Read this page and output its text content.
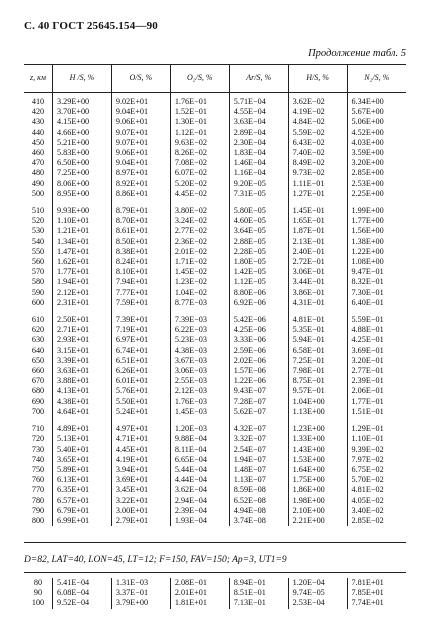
С. 40 ГОСТ 25645.154—90
Продолжение табл. 5
z, км	H /S, %	O/S, %	O₂/S, %	Ar/S, %	H/S, %	N₂/S, %
410	3.29E+00	9.02E+01	1.76E−01	5.71E−04	3.62E−02	6.34E+00
420	3.70E+00	9.04E+01	1.52E−01	4.55E−04	4.19E−02	5.67E+00
430	4.15E+00	9.06E+01	1.30E−01	3.63E−04	4.84E−02	5.06E+00
440	4.66E+00	9.07E+01	1.12E−01	2.89E−04	5.59E−02	4.52E+00
450	5.21E+00	9.07E+01	9.63E−02	2.30E−04	6.43E−02	4.03E+00
460	5.83E+00	9.06E+01	8.26E−02	1.83E−04	7.40E−02	3.59E+00
470	6.50E+00	9.04E+01	7.08E−02	1.46E−04	8.49E−02	3.20E+00
480	7.25E+00	8.97E+01	6.07E−02	1.16E−04	9.73E−02	2.85E+00
490	8.06E+00	8.92E+01	5.20E−02	9.20E−05	1.11E−01	2.53E+00
500	8.95E+00	8.86E+01	4.45E−02	7.31E−05	1.27E−01	2.25E+00
510	9.93E+00	8.79E+01	3.80E−02	5.80E−05	1.45E−01	1.99E+00
520	1.10E+01	8.70E+01	3.24E−02	4.60E−05	1.65E−01	1.77E+00
530	1.21E+01	8.61E+01	2.77E−02	3.64E−05	1.87E−01	1.56E+00
540	1.34E+01	8.50E+01	2.36E−02	2.88E−05	2.13E−01	1.38E+00
550	1.47E+01	8.38E+01	2.01E−02	2.28E−05	2.40E−01	1.22E+00
560	1.62E+01	8.24E+01	1.71E−02	1.80E−05	2.72E−01	1.08E+00
570	1.77E+01	8.10E+01	1.45E−02	1.42E−05	3.06E−01	9.47E−01
580	1.94E+01	7.94E+01	1.23E−02	1.12E−05	3.44E−01	8.32E−01
590	2.12E+01	7.77E+01	1.04E−02	8.80E−06	3.86E−01	7.30E−01
600	2.31E+01	7.59E+01	8.77E−03	6.92E−06	4.31E−01	6.40E−01
610	2.50E+01	7.39E+01	7.39E−03	5.42E−06	4.81E−01	5.59E−01
620	2.71E+01	7.19E+01	6.22E−03	4.25E−06	5.35E−01	4.88E−01
630	2.93E+01	6.97E+01	5.23E−03	3.33E−06	5.94E−01	4.25E−01
640	3.15E+01	6.74E+01	4.38E−03	2.59E−06	6.58E−01	3.69E−01
650	3.39E+01	6.51E+01	3.67E−03	2.02E−06	7.25E−01	3.20E−01
660	3.63E+01	6.26E+01	3.06E−03	1.57E−06	7.98E−01	2.77E−01
670	3.88E+01	6.01E+01	2.55E−03	1.22E−06	8.75E−01	2.39E−01
680	4.13E+01	5.76E+01	2.12E−03	9.43E−07	9.57E−01	2.06E−01
690	4.38E+01	5.50E+01	1.76E−03	7.28E−07	1.04E+00	1.77E−01
700	4.64E+01	5.24E+01	1.45E−03	5.62E−07	1.13E+00	1.51E−01
710	4.89E+01	4.97E+01	1.20E−03	4.32E−07	1.23E+00	1.29E−01
720	5.13E+01	4.71E+01	9.88E−04	3.32E−07	1.33E+00	1.10E−01
730	5.40E+01	4.45E+01	8.11E−04	2.54E−07	1.43E+00	9.39E−02
740	3.65E+01	4.19E+01	6.65E−04	1.94E−07	1.53E+00	7.97E−02
750	5.89E+01	3.94E+01	5.44E−04	1.48E−07	1.64E+00	6.75E−02
760	6.13E+01	3.69E+01	4.44E−04	1.13E−07	1.75E+00	5.70E−02
770	6.35E+01	3.45E+01	3.62E−04	8.59E−08	1.86E+00	4.81E−02
780	6.57E+01	3.22E+01	2.94E−04	6.52E−08	1.98E+00	4.05E−02
790	6.79E+01	3.00E+01	2.39E−04	4.94E−08	2.10E+00	3.40E−02
800	6.99E+01	2.79E+01	1.93E−04	3.74E−08	2.21E+00	2.85E−02
D=82, LAT=40, LON=45, LT=12; F=150, FAV=150; Ap=3, UT1=9
80	5.41E−04	1.31E−03	2.08E−01	8.94E−01	1.20E−04	7.81E+01
90	6.08E−04	3.37E−01	2.01E+01	8.51E−01	9.74E−05	7.85E+01
100	9.52E−04	3.79E+00	1.81E+01	7.13E−01	2.53E−04	7.74E+01
